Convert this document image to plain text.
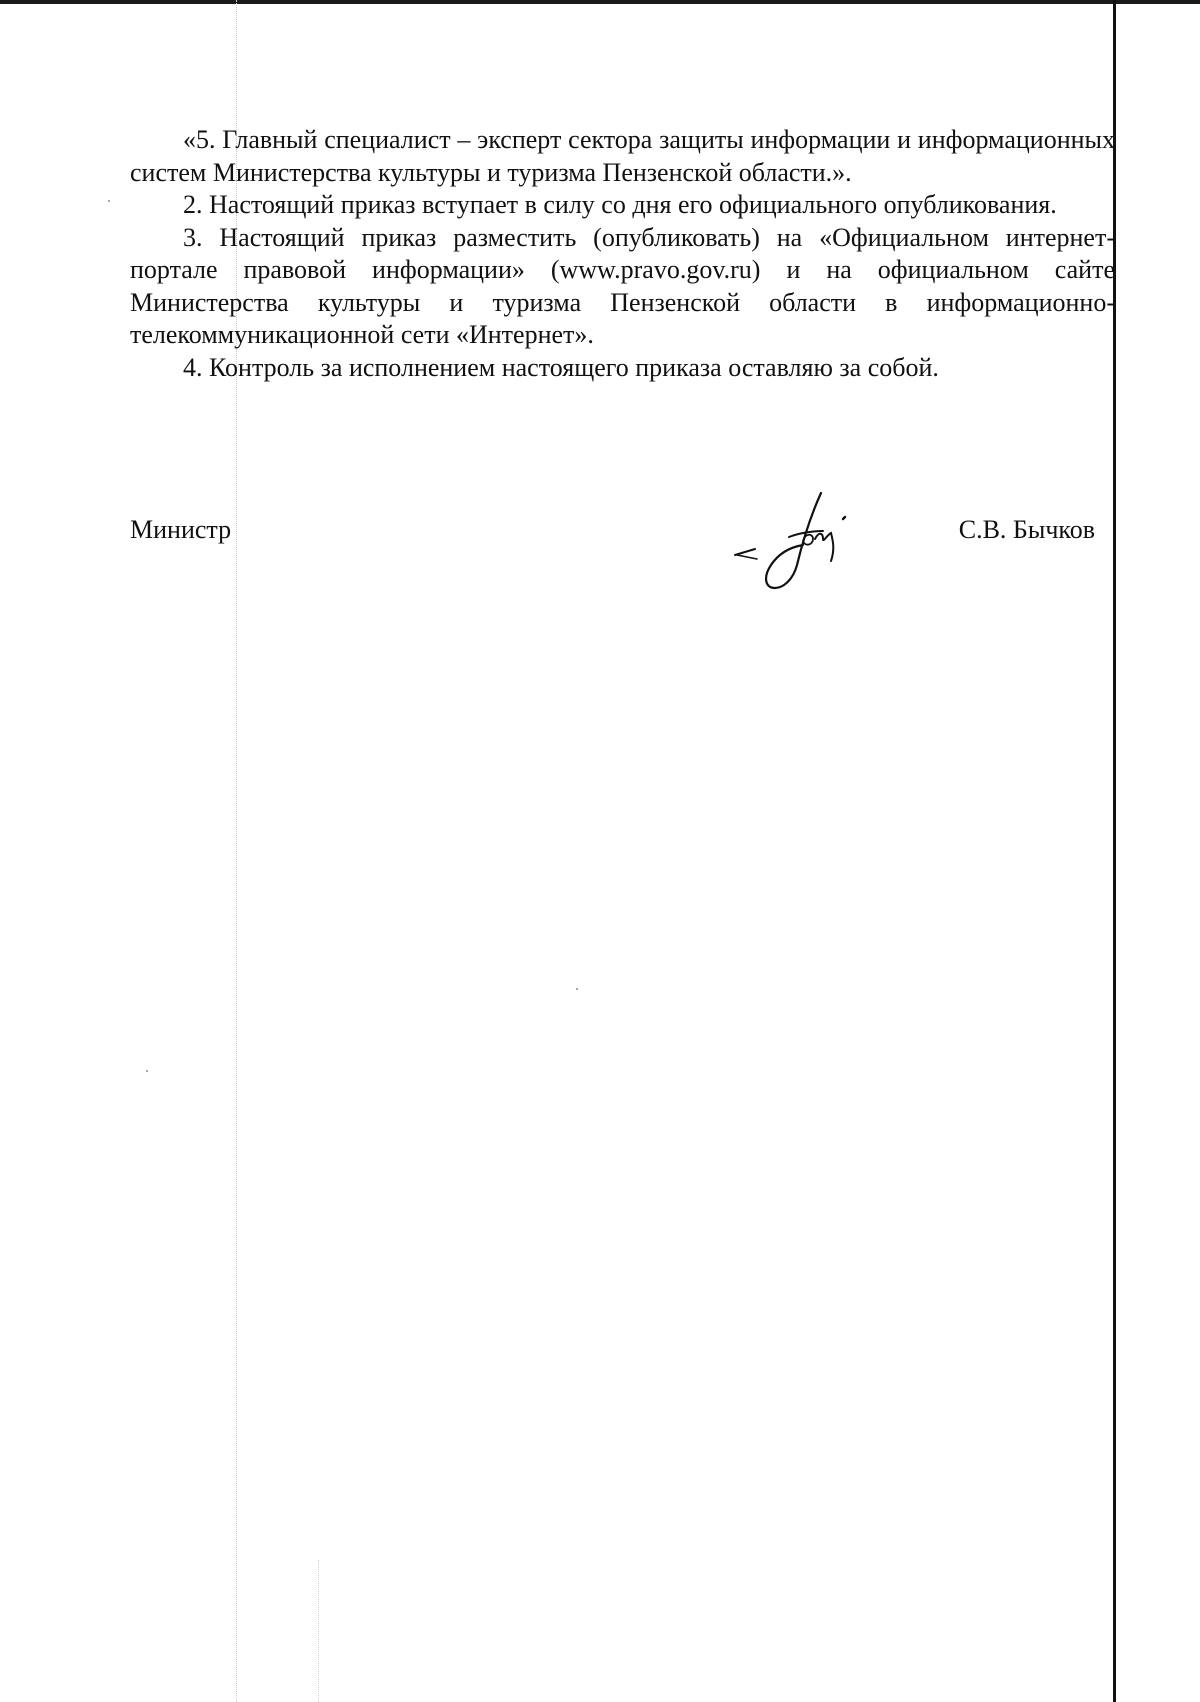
«5. Главный специалист – эксперт сектора защиты информации и информационных систем Министерства культуры и туризма Пензенской области.».

2. Настоящий приказ вступает в силу со дня его официального опубликования.

3. Настоящий приказ разместить (опубликовать) на «Официальном интернет-портале правовой информации» (www.pravo.gov.ru) и на официальном сайте Министерства культуры и туризма Пензенской области в информационно-телекоммуникационной сети «Интернет».

4. Контроль за исполнением настоящего приказа оставляю за собой.

Министр	С.В. Бычков
